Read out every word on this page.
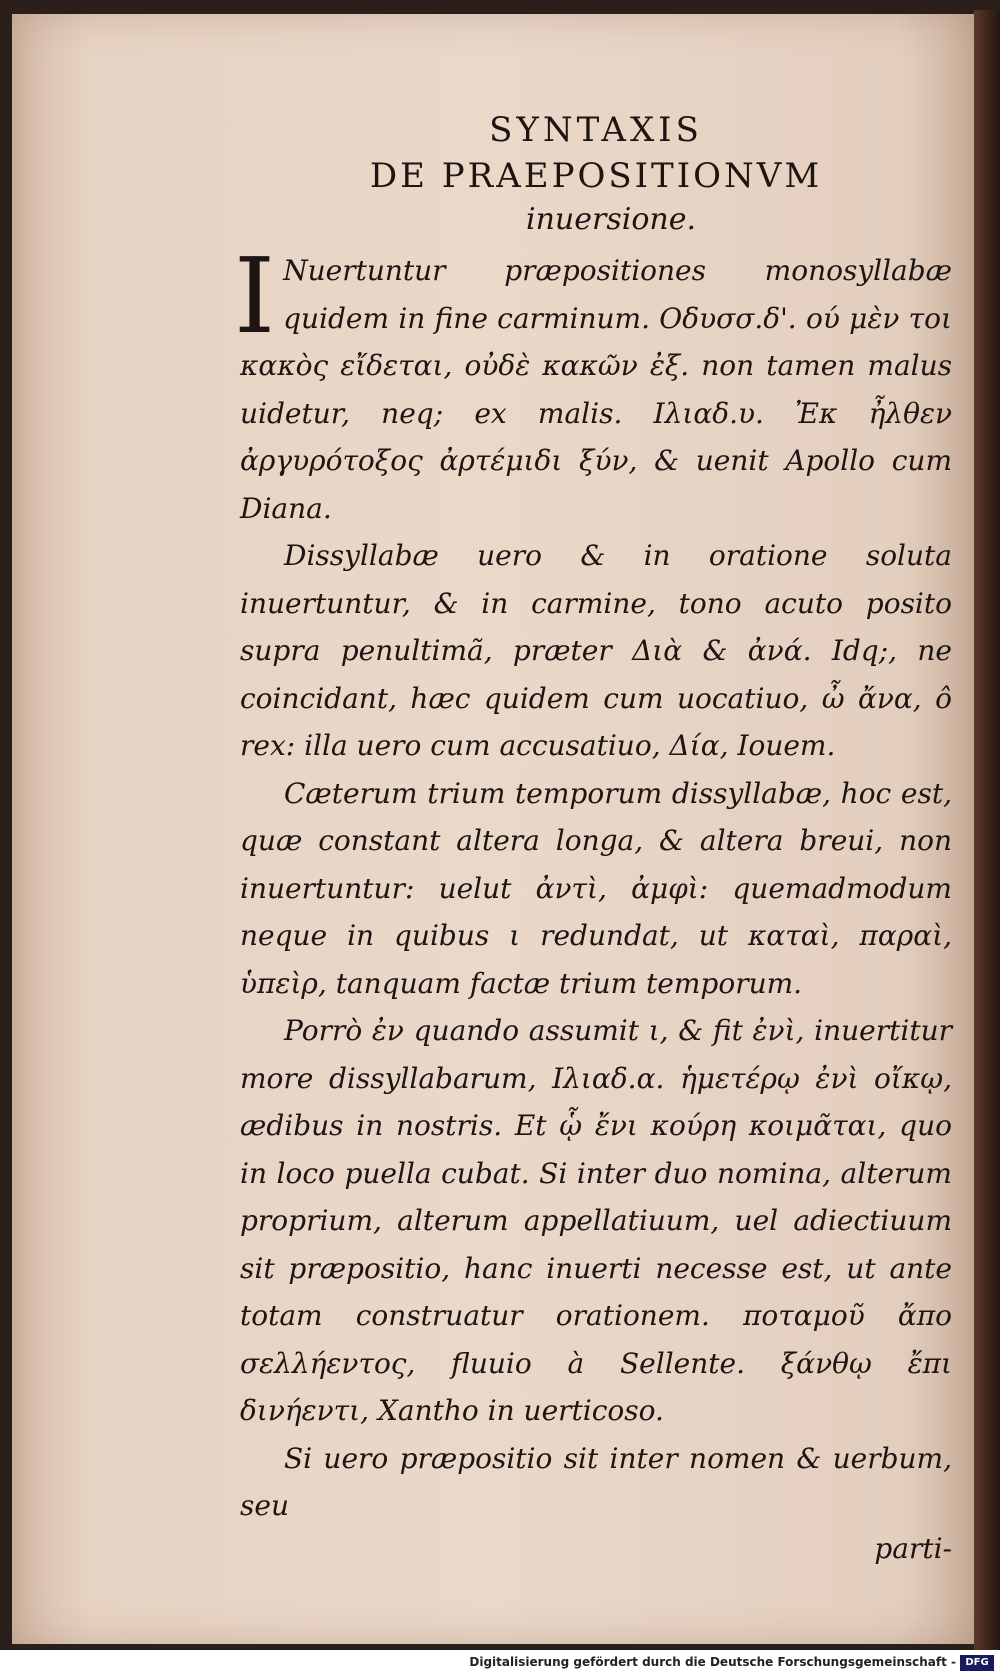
SYNTAXIS
DE PRAEPOSITIONVM
inuersione.
I Nuertuntur præpositiones monosyllabæ quidem in fine carminum. Οδυσσ.δ'. ού μὲν τοι κακὸς εἴδεται, οὐδὲ κακῶν ἐξ. non tamen malus uidetur, neq; ex malis. Ιλιαδ.υ. Ἐκ ἦλθεν ἀργυρότοξος ἀρτέμιδι ξύν, & uenit Apollo cum Diana.

Dissyllabæ uero & in oratione soluta inuertuntur, & in carmine, tono acuto posito supra penultimã, præter Διὰ & ἀνά. Idq;, ne coincidant, hæc quidem cum uocatiuo, ὦ ἄνα, ô rex: illa uero cum accusatiuo, Δία, Iouem.

Cæterum trium temporum dissyllabæ, hoc est, quæ constant altera longa, & altera breui, non inuertuntur: uelut ἀντὶ, ἀμφὶ: quemadmodum neque in quibus ι redundat, ut καταὶ, παραὶ, ὑπεὶρ, tanquam factæ trium temporum.

Porrò ἐν quando assumit ι, & fit ἐνὶ, inuertitur more dissyllabarum, Ιλιαδ.α. ἡμετέρῳ ἐνὶ οἴκῳ, ædibus in nostris. Et ᾧ ἔνι κούρη κοιμᾶται, quo in loco puella cubat. Si inter duo nomina, alterum proprium, alterum appellatiuum, uel adiectiuum sit præpositio, hanc inuerti necesse est, ut ante totam construatur orationem. ποταμοῦ ἄπο σελλήεντος, fluuio à Sellente. ξάνθῳ ἔπι δινήεντι, Xantho in uerticoso.

Si uero præpositio sit inter nomen & uerbum, seu

parti-
Digitalisierung gefördert durch die Deutsche Forschungsgemeinschaft - DFG
